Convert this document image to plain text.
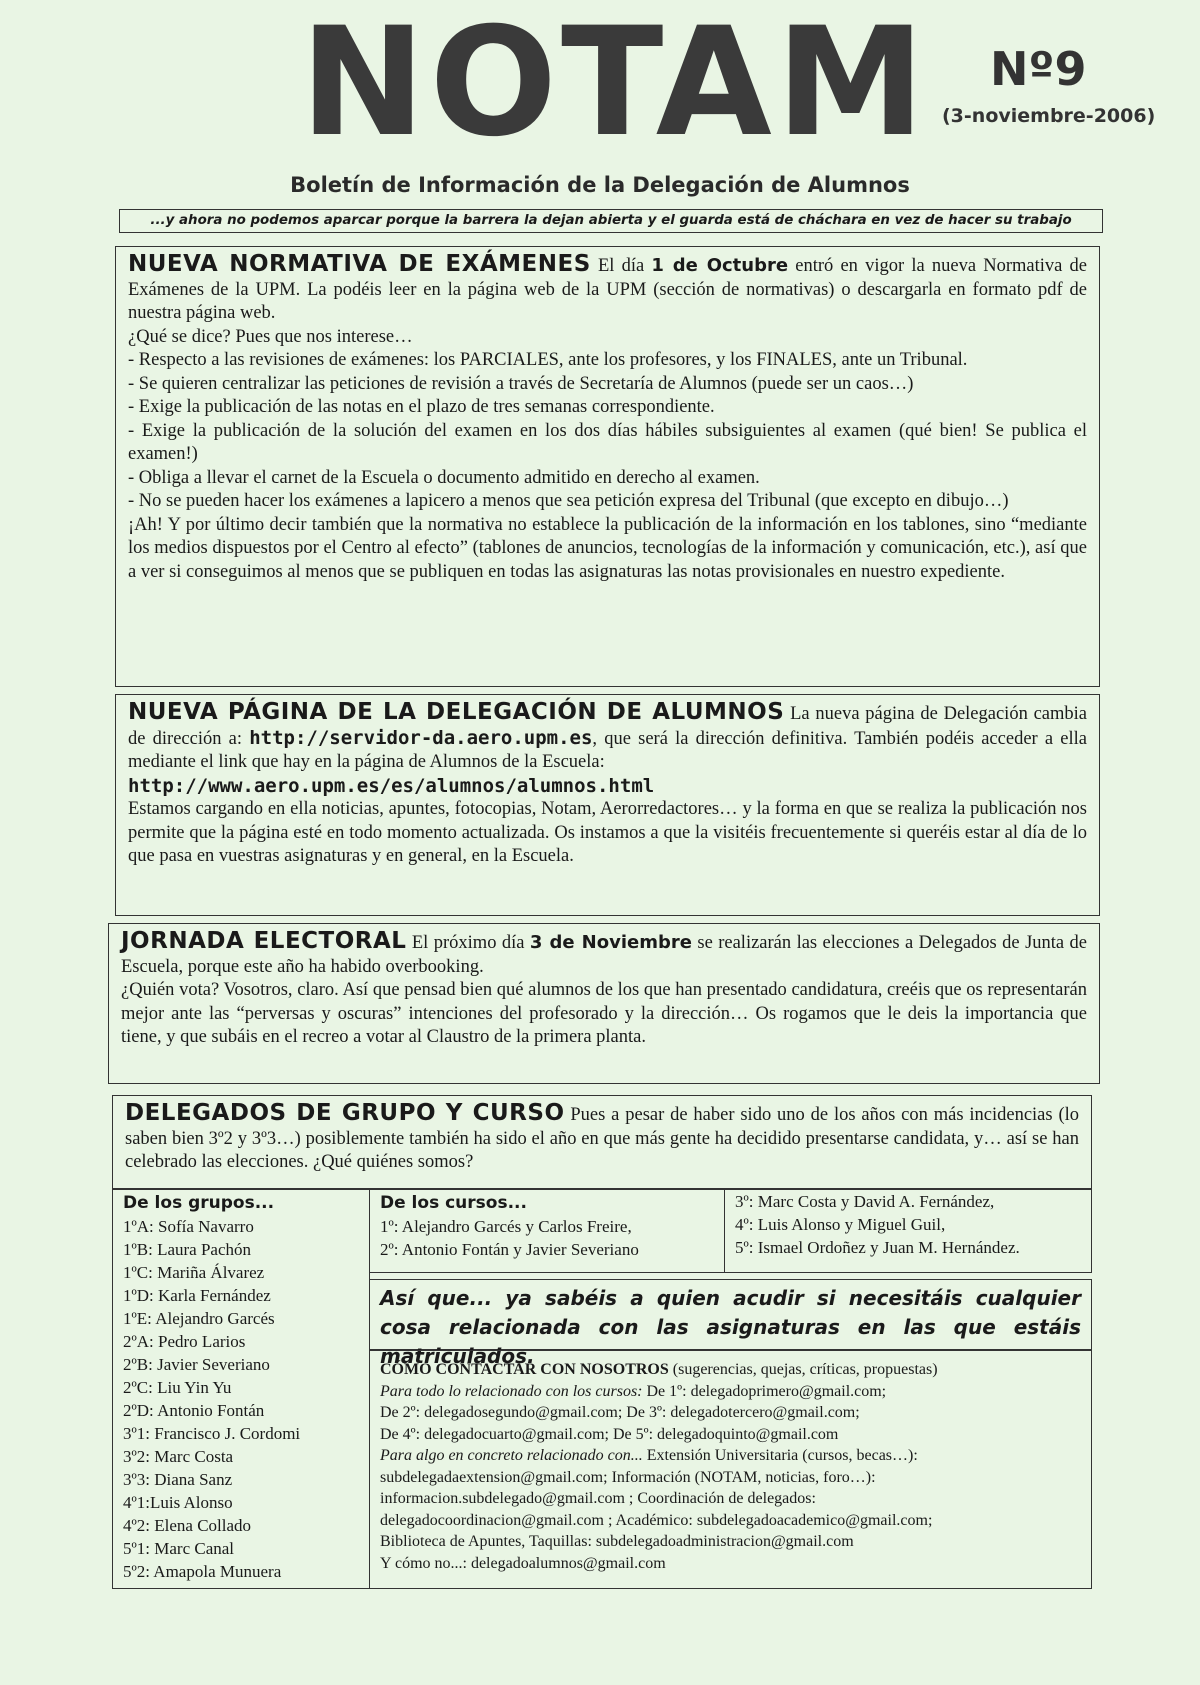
NOTAM Nº9
(3-noviembre-2006)
Boletín de Información de la Delegación de Alumnos
...y ahora no podemos aparcar porque la barrera la dejan abierta y el guarda está de cháchara en vez de hacer su trabajo

NUEVA NORMATIVA DE EXÁMENES El día 1 de Octubre entró en vigor la nueva Normativa de Exámenes de la UPM. La podéis leer en la página web de la UPM (sección de normativas) o descargarla en formato pdf de nuestra página web.

¿Qué se dice? Pues que nos interese…

- Respecto a las revisiones de exámenes: los PARCIALES, ante los profesores, y los FINALES, ante un Tribunal.

- Se quieren centralizar las peticiones de revisión a través de Secretaría de Alumnos (puede ser un caos…)

- Exige la publicación de las notas en el plazo de tres semanas correspondiente.

- Exige la publicación de la solución del examen en los dos días hábiles subsiguientes al examen (qué bien! Se publica el examen!)

- Obliga a llevar el carnet de la Escuela o documento admitido en derecho al examen.

- No se pueden hacer los exámenes a lapicero a menos que sea petición expresa del Tribunal (que excepto en dibujo…)

¡Ah! Y por último decir también que la normativa no establece la publicación de la información en los tablones, sino “mediante los medios dispuestos por el Centro al efecto” (tablones de anuncios, tecnologías de la información y comunicación, etc.), así que a ver si conseguimos al menos que se publiquen en todas las asignaturas las notas provisionales en nuestro expediente.

NUEVA PÁGINA DE LA DELEGACIÓN DE ALUMNOS La nueva página de Delegación cambia de dirección a: http://servidor-da.aero.upm.es, que será la dirección definitiva. También podéis acceder a ella mediante el link que hay en la página de Alumnos de la Escuela:

http://www.aero.upm.es/es/alumnos/alumnos.html

Estamos cargando en ella noticias, apuntes, fotocopias, Notam, Aerorredactores… y la forma en que se realiza la publicación nos permite que la página esté en todo momento actualizada. Os instamos a que la visitéis frecuentemente si queréis estar al día de lo que pasa en vuestras asignaturas y en general, en la Escuela.

JORNADA ELECTORAL El próximo día 3 de Noviembre se realizarán las elecciones a Delegados de Junta de Escuela, porque este año ha habido overbooking.

¿Quién vota? Vosotros, claro. Así que pensad bien qué alumnos de los que han presentado candidatura, creéis que os representarán mejor ante las “perversas y oscuras” intenciones del profesorado y la dirección… Os rogamos que le deis la importancia que tiene, y que subáis en el recreo a votar al Claustro de la primera planta.

DELEGADOS DE GRUPO Y CURSO Pues a pesar de haber sido uno de los años con más incidencias (lo saben bien 3º2 y 3º3…) posiblemente también ha sido el año en que más gente ha decidido presentarse candidata, y… así se han celebrado las elecciones. ¿Qué quiénes somos?

De los grupos...
1ºA: Sofía Navarro
1ºB: Laura Pachón
1ºC: Mariña Álvarez
1ºD: Karla Fernández
1ºE: Alejandro Garcés
2ºA: Pedro Larios
2ºB: Javier Severiano
2ºC: Liu Yin Yu
2ºD: Antonio Fontán
3º1: Francisco J. Cordomi
3º2: Marc Costa
3º3: Diana Sanz
4º1:Luis Alonso
4º2: Elena Collado
5º1: Marc Canal
5º2: Amapola Munuera
De los cursos...
1º: Alejandro Garcés y Carlos Freire,
2º: Antonio Fontán y Javier Severiano
3º: Marc Costa y David A. Fernández,
4º: Luis Alonso y Miguel Guil,
5º: Ismael Ordoñez y Juan M. Hernández.
Así que... ya sabéis a quien acudir si necesitáis cualquier cosa relacionada con las asignaturas en las que estáis matriculados.
CÓMO CONTACTAR CON NOSOTROS (sugerencias, quejas, críticas, propuestas)
Para todo lo relacionado con los cursos: De 1º: delegadoprimero@gmail.com;
De 2º: delegadosegundo@gmail.com; De 3º: delegadotercero@gmail.com;
De 4º: delegadocuarto@gmail.com; De 5º: delegadoquinto@gmail.com
Para algo en concreto relacionado con... Extensión Universitaria (cursos, becas…):
subdelegadaextension@gmail.com; Información (NOTAM, noticias, foro…):
informacion.subdelegado@gmail.com ; Coordinación de delegados:
delegadocoordinacion@gmail.com ; Académico: subdelegadoacademico@gmail.com;
Biblioteca de Apuntes, Taquillas: subdelegadoadministracion@gmail.com
Y cómo no...: delegadoalumnos@gmail.com
